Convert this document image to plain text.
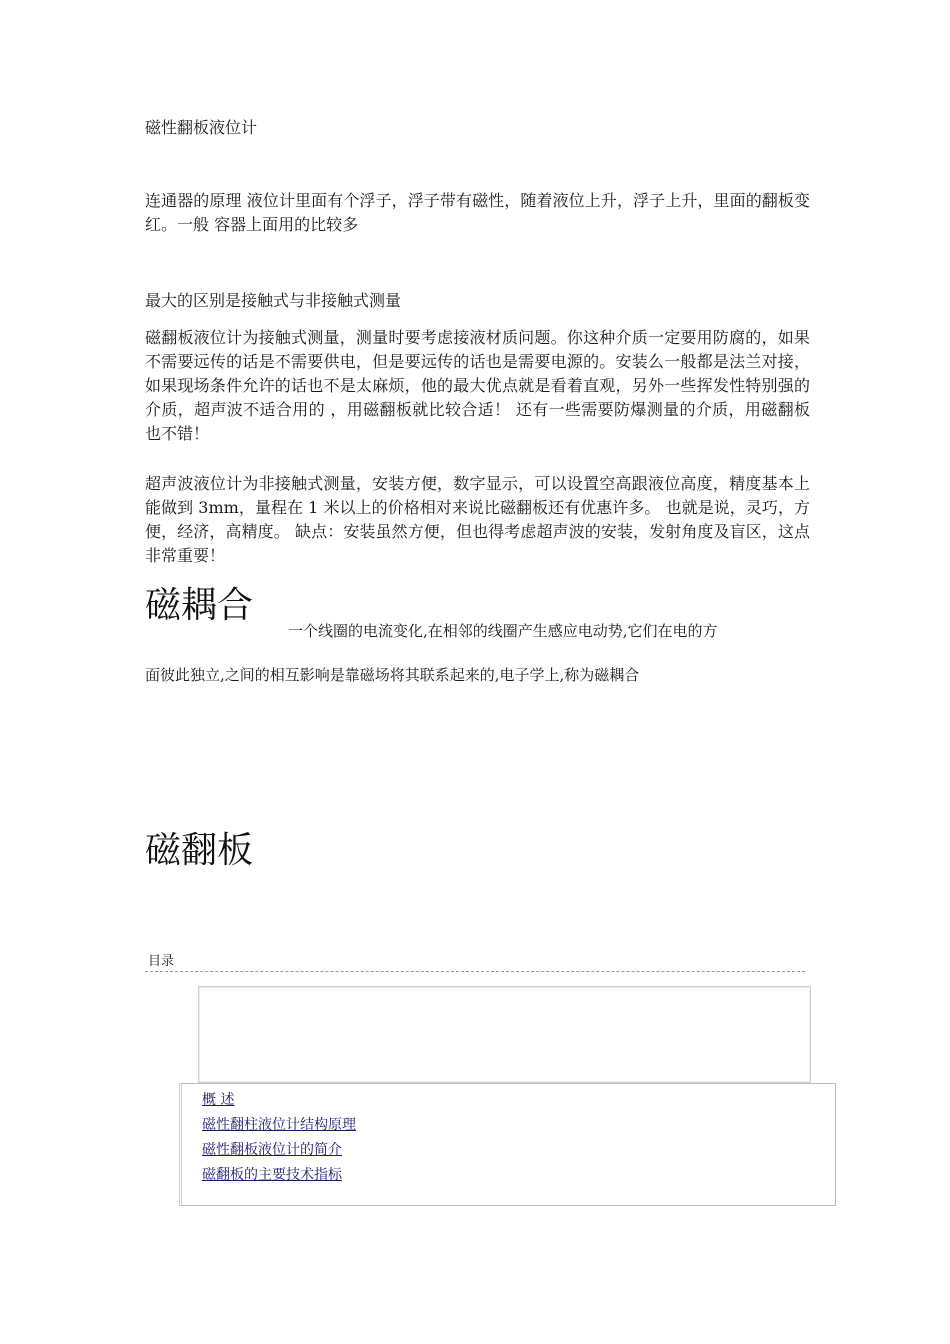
磁性翻板液位计

连通器的原理 液位计里面有个浮子，浮子带有磁性，随着液位上升，浮子上升，里面的翻板变红。一般 容器上面用的比较多

最大的区别是接触式与非接触式测量

磁翻板液位计为接触式测量，测量时要考虑接液材质问题。你这种介质一定要用防腐的，如果不需要远传的话是不需要供电，但是要远传的话也是需要电源的。安装么一般都是法兰对接，如果现场条件允许的话也不是太麻烦，他的最大优点就是看着直观，另外一些挥发性特别强的介质，超声波不适合用的 ，用磁翻板就比较合适！ 还有一些需要防爆测量的介质，用磁翻板也不错！

超声波液位计为非接触式测量，安装方便，数字显示，可以设置空高跟液位高度，精度基本上能做到 3mm，量程在 1 米以上的价格相对来说比磁翻板还有优惠许多。 也就是说，灵巧，方便，经济，高精度。 缺点：安装虽然方便，但也得考虑超声波的安装，发射角度及盲区，这点非常重要！

磁耦合
一个线圈的电流变化,在相邻的线圈产生感应电动势,它们在电的方
面彼此独立,之间的相互影响是靠磁场将其联系起来的,电子学上,称为磁耦合
磁翻板
目录
概 述
磁性翻柱液位计结构原理
磁性翻板液位计的简介
磁翻板的主要技术指标
